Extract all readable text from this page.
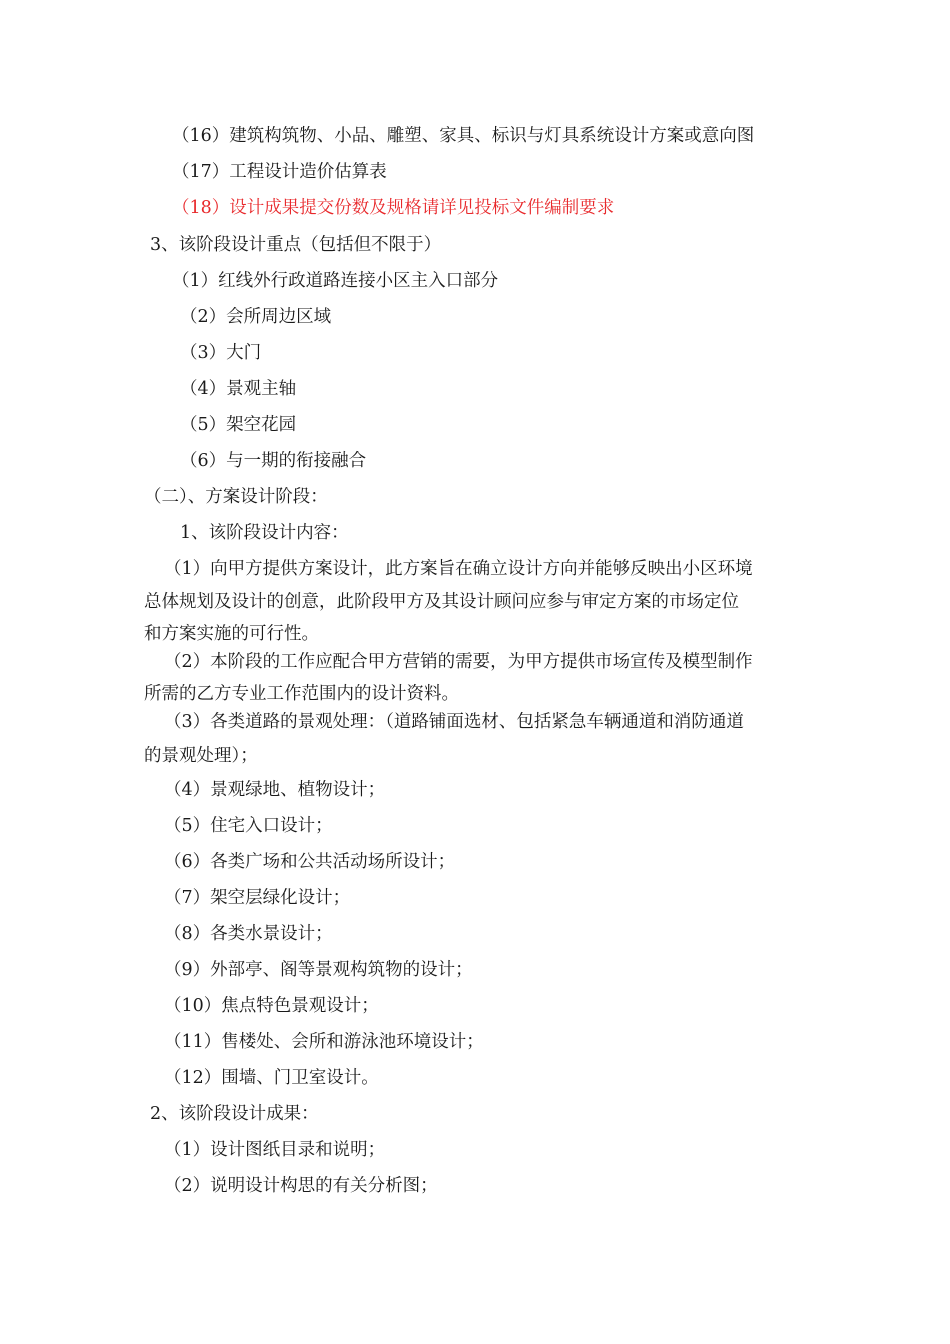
（16）建筑构筑物、小品、雕塑、家具、标识与灯具系统设计方案或意向图

（17）工程设计造价估算表

（18）设计成果提交份数及规格请详见投标文件编制要求

3、该阶段设计重点（包括但不限于）

（1）红线外行政道路连接小区主入口部分

（2）会所周边区域

（3）大门

（4）景观主轴

（5）架空花园

（6）与一期的衔接融合

（二）、方案设计阶段：

1、该阶段设计内容：

（1）向甲方提供方案设计，此方案旨在确立设计方向并能够反映出小区环境

总体规划及设计的创意，此阶段甲方及其设计顾问应参与审定方案的市场定位

和方案实施的可行性。

（2）本阶段的工作应配合甲方营销的需要，为甲方提供市场宣传及模型制作

所需的乙方专业工作范围内的设计资料。

（3）各类道路的景观处理：（道路铺面选材、包括紧急车辆通道和消防通道

的景观处理）；

（4）景观绿地、植物设计；

（5）住宅入口设计；

（6）各类广场和公共活动场所设计；

（7）架空层绿化设计；

（8）各类水景设计；

（9）外部亭、阁等景观构筑物的设计；

（10）焦点特色景观设计；

（11）售楼处、会所和游泳池环境设计；

（12）围墙、门卫室设计。

2、该阶段设计成果：

（1）设计图纸目录和说明；

（2）说明设计构思的有关分析图；
